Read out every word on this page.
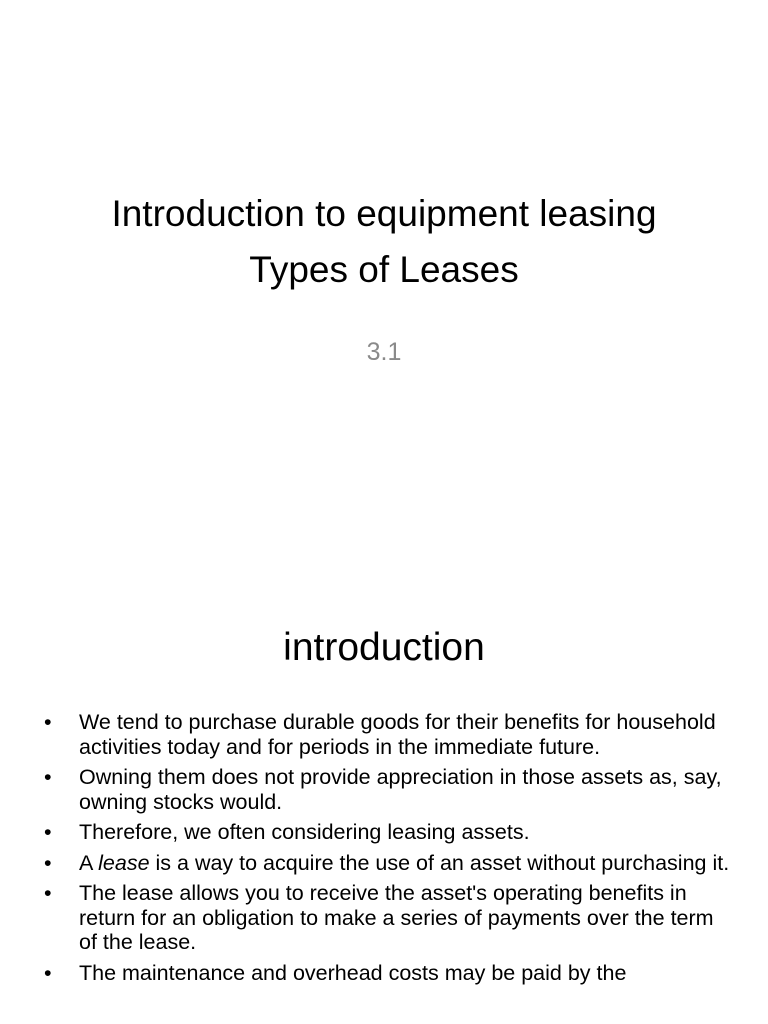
Introduction to equipment leasing Types of Leases
3.1
introduction
•	We tend to purchase durable goods for their benefits for household activities today and for periods in the immediate future.
•	Owning them does not provide appreciation in those assets as, say, owning stocks would.
•	Therefore, we often considering leasing assets.
•	A lease is a way to acquire the use of an asset without purchasing it.
•	The lease allows you to receive the asset's operating benefits in return for an obligation to make a series of payments over the term of the lease.
•	The maintenance and overhead costs may be paid by the
